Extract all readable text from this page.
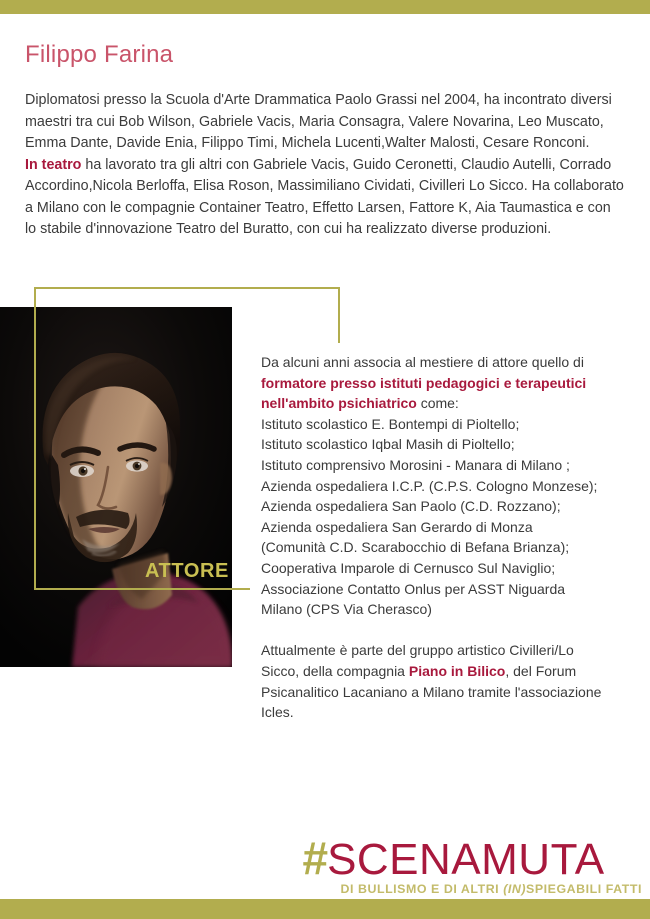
Filippo Farina

Diplomatosi presso la Scuola d'Arte Drammatica Paolo Grassi nel 2004, ha incontrato diversi maestri tra cui Bob Wilson, Gabriele Vacis, Maria Consagra, Valere Novarina, Leo Muscato, Emma Dante, Davide Enia, Filippo Timi, Michela Lucenti,Walter Malosti, Cesare Ronconi.

In teatro ha lavorato tra gli altri con Gabriele Vacis, Guido Ceronetti, Claudio Autelli, Corrado Accordino,Nicola Berloffa, Elisa Roson, Massimiliano Cividati, Civilleri Lo Sicco. Ha collaborato a Milano con le compagnie Container Teatro, Effetto Larsen, Fattore K, Aia Taumastica e con lo stabile d'innovazione Teatro del Buratto, con cui ha realizzato diverse produzioni.

ATTORE

Da alcuni anni associa al mestiere di attore quello di formatore presso istituti pedagogici e terapeutici nell'ambito psichiatrico come:

Istituto scolastico E. Bontempi di Pioltello;
Istituto scolastico Iqbal Masih di Pioltello;
Istituto comprensivo Morosini - Manara di Milano ;
Azienda ospedaliera I.C.P. (C.P.S. Cologno Monzese);
Azienda ospedaliera San Paolo (C.D. Rozzano);
Azienda ospedaliera San Gerardo di Monza
(Comunità C.D. Scarabocchio di Befana Brianza);
Cooperativa Imparole di Cernusco Sul Naviglio;
Associazione Contatto Onlus per ASST Niguarda
Milano (CPS Via Cherasco)

Attualmente è parte del gruppo artistico Civilleri/Lo Sicco, della compagnia Piano in Bilico, del Forum Psicanalitico Lacaniano a Milano tramite l'associazione Icles.

# SCENAMUTA
DI BULLISMO E DI ALTRI (IN)SPIEGABILI FATTI
